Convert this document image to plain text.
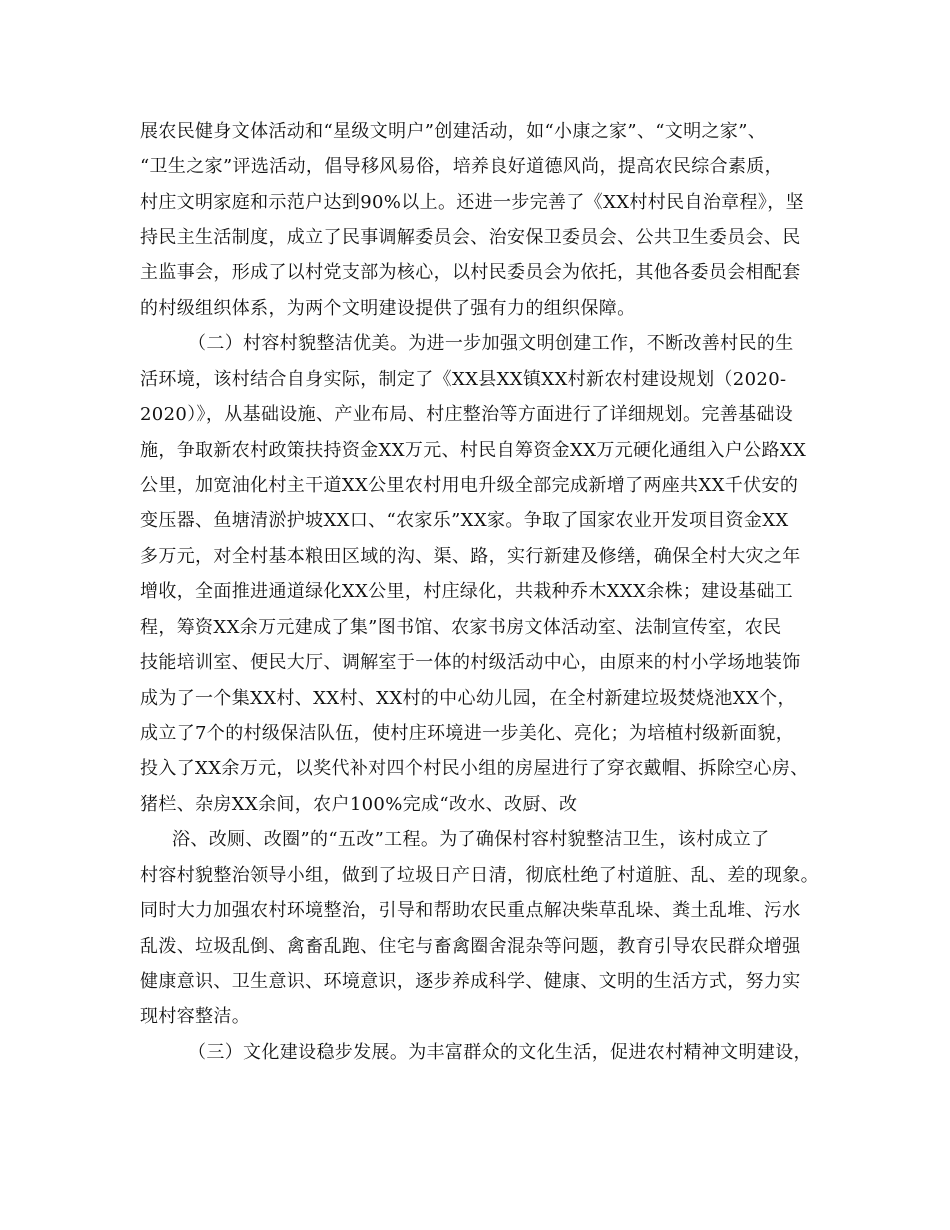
展农民健身文体活动和“星级文明户”创建活动，如“小康之家”、“文明之家”、
“卫生之家”评选活动，倡导移风易俗，培养良好道德风尚，提高农民综合素质，
村庄文明家庭和示范户达到90%以上。还进一步完善了《XX村村民自治章程》，坚
持民主生活制度，成立了民事调解委员会、治安保卫委员会、公共卫生委员会、民
主监事会，形成了以村党支部为核心，以村民委员会为依托，其他各委员会相配套
的村级组织体系，为两个文明建设提供了强有力的组织保障。
（二）村容村貌整洁优美。为进一步加强文明创建工作，不断改善村民的生
活环境，该村结合自身实际，制定了《XX县XX镇XX村新农村建设规划（2020-
2020）》，从基础设施、产业布局、村庄整治等方面进行了详细规划。完善基础设
施，争取新农村政策扶持资金XX万元、村民自筹资金XX万元硬化通组入户公路XX
公里，加宽油化村主干道XX公里农村用电升级全部完成新增了两座共XX千伏安的
变压器、鱼塘清淤护坡XX口、“农家乐”XX家。争取了国家农业开发项目资金XX
多万元，对全村基本粮田区域的沟、渠、路，实行新建及修缮，确保全村大灾之年
增收，全面推进通道绿化XX公里，村庄绿化，共栽种乔木XXX余株；建设基础工
程，筹资XX余万元建成了集”图书馆、农家书房文体活动室、法制宣传室，农民
技能培训室、便民大厅、调解室于一体的村级活动中心，由原来的村小学场地装饰
成为了一个集XX村、XX村、XX村的中心幼儿园，在全村新建垃圾焚烧池XX个，
成立了7个的村级保洁队伍，使村庄环境进一步美化、亮化；为培植村级新面貌，
投入了XX余万元，以奖代补对四个村民小组的房屋进行了穿衣戴帽、拆除空心房、
猪栏、杂房XX余间，农户100%完成“改水、改厨、改
浴、改厕、改圈”的“五改”工程。为了确保村容村貌整洁卫生，该村成立了
村容村貌整治领导小组，做到了垃圾日产日清，彻底杜绝了村道脏、乱、差的现象。
同时大力加强农村环境整治，引导和帮助农民重点解决柴草乱垛、粪土乱堆、污水
乱泼、垃圾乱倒、禽畜乱跑、住宅与畜禽圈舍混杂等问题，教育引导农民群众增强
健康意识、卫生意识、环境意识，逐步养成科学、健康、文明的生活方式，努力实
现村容整洁。
（三）文化建设稳步发展。为丰富群众的文化生活，促进农村精神文明建设，
